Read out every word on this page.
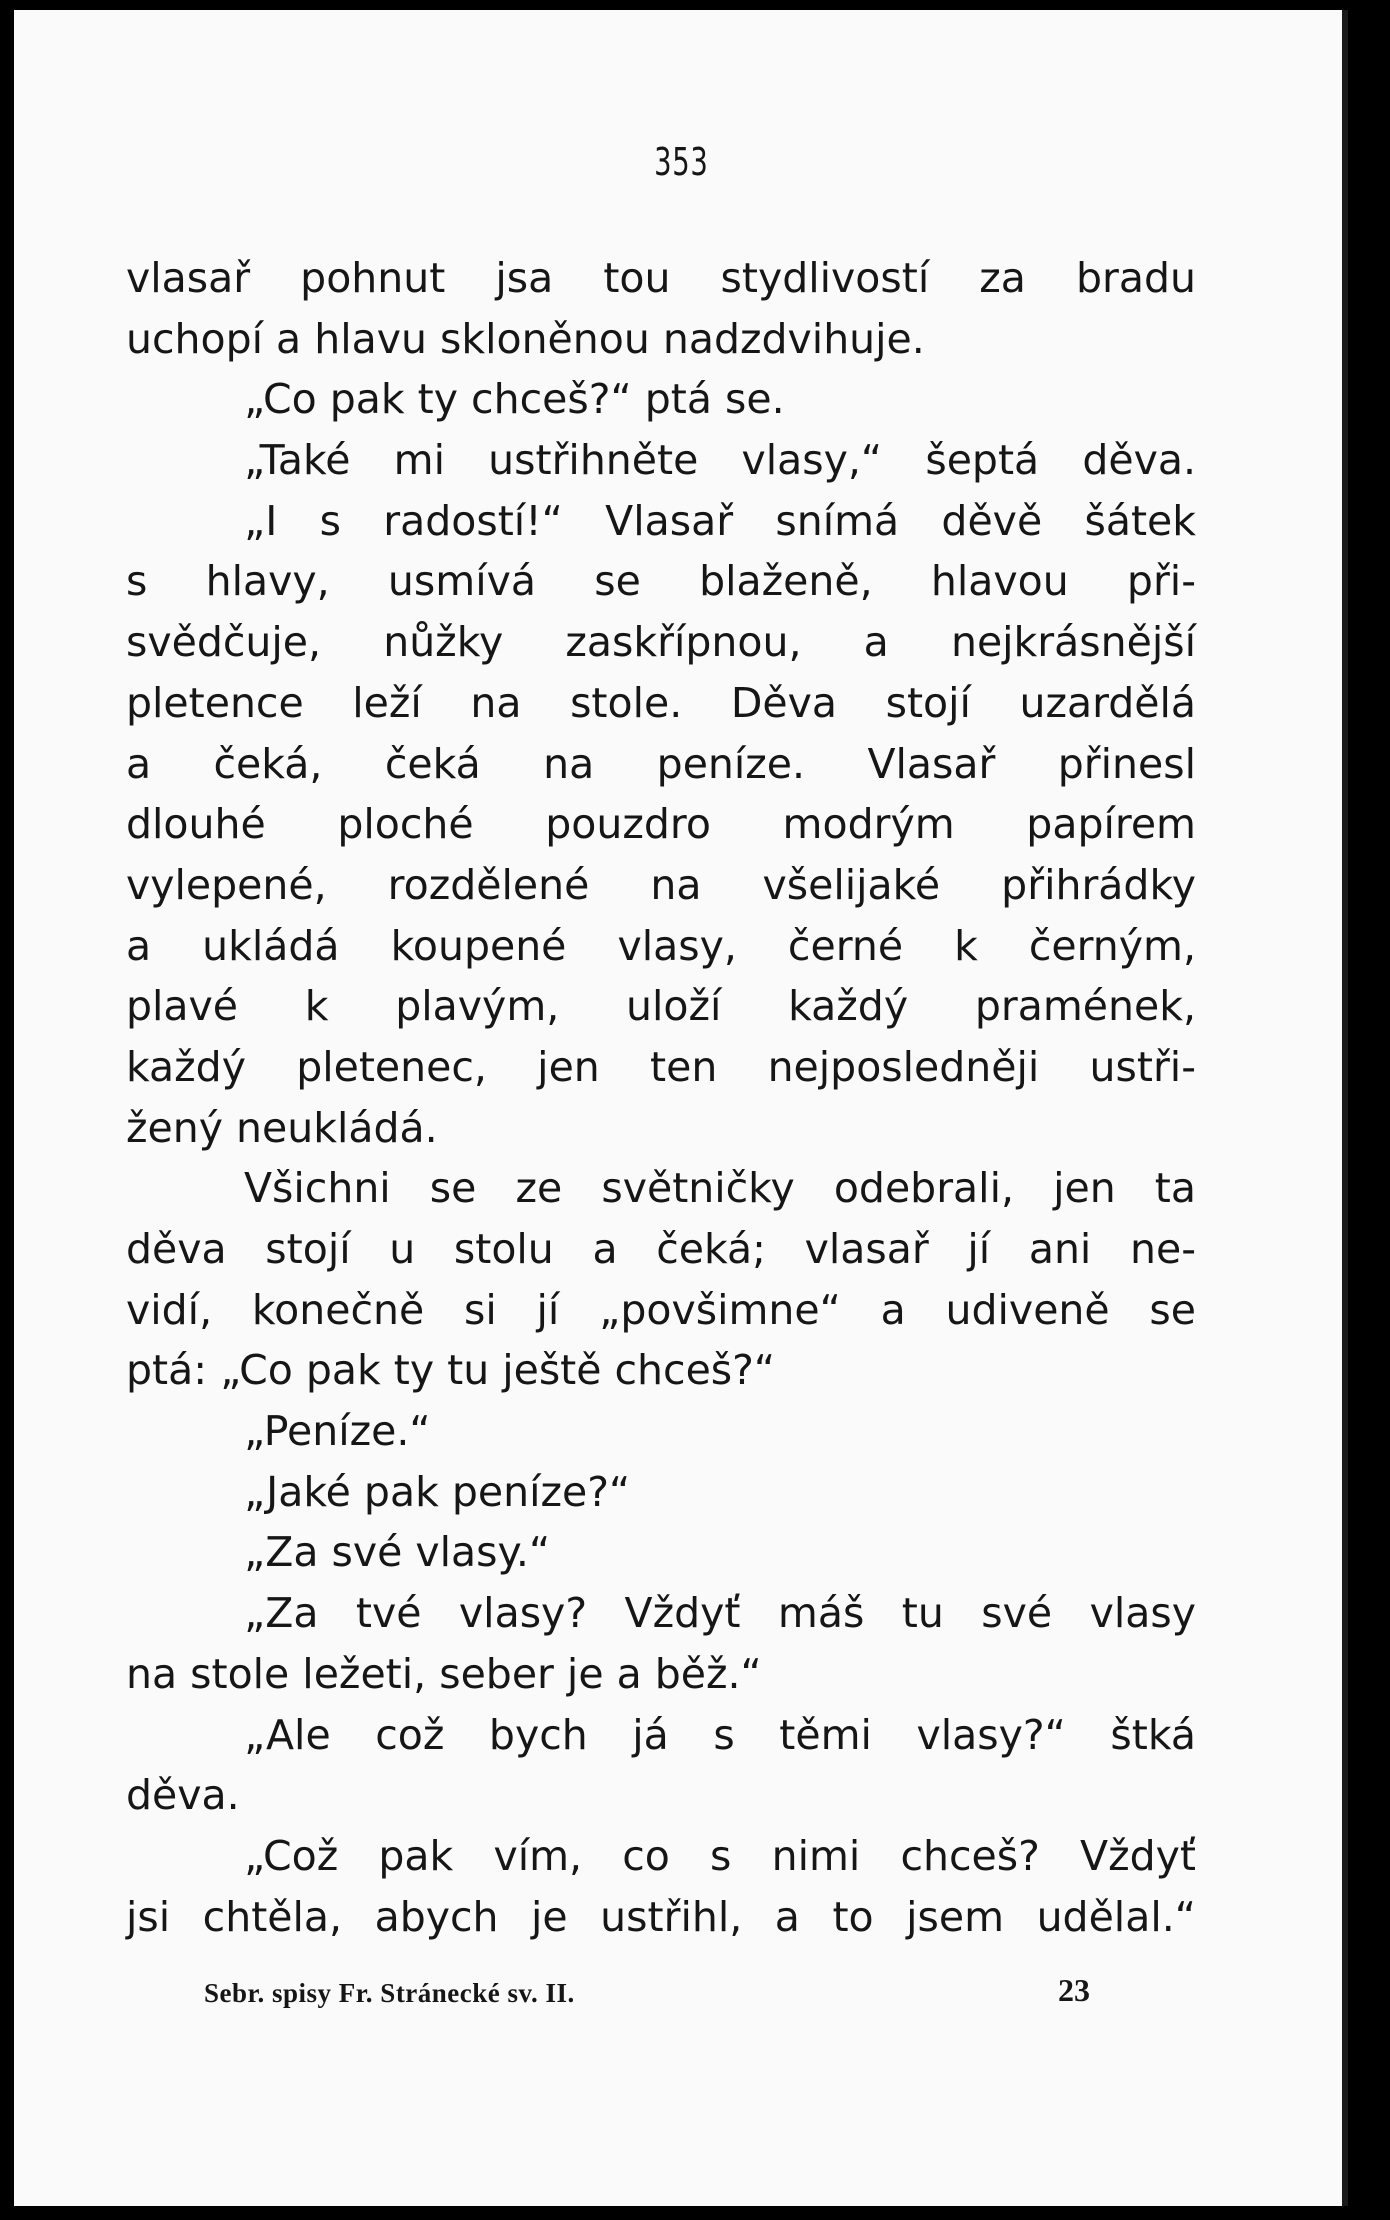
353
vlasař pohnut jsa tou stydlivostí za bradu
uchopí a hlavu skloněnou nadzdvihuje.
„Co pak ty chceš?“ ptá se.
„Také mi ustřihněte vlasy,“ šeptá děva.
„I s radostí!“ Vlasař snímá děvě šátek
s hlavy, usmívá se blaženě, hlavou při-
svědčuje, nůžky zaskřípnou, a nejkrásnější
pletence leží na stole. Děva stojí uzardělá
a čeká, čeká na peníze. Vlasař přinesl
dlouhé ploché pouzdro modrým papírem
vylepené, rozdělené na všelijaké přihrádky
a ukládá koupené vlasy, černé k černým,
plavé k plavým, uloží každý pramének,
každý pletenec, jen ten nejposledněji ustři-
žený neukládá.
Všichni se ze světničky odebrali, jen ta
děva stojí u stolu a čeká; vlasař jí ani ne-
vidí, konečně si jí „povšimne“ a udiveně se
ptá: „Co pak ty tu ještě chceš?“
„Peníze.“
„Jaké pak peníze?“
„Za své vlasy.“
„Za tvé vlasy? Vždyť máš tu své vlasy
na stole ležeti, seber je a běž.“
„Ale což bych já s těmi vlasy?“ štká
děva.
„Což pak vím, co s nimi chceš? Vždyť
jsi chtěla, abych je ustřihl, a to jsem udělal.“
Sebr. spisy Fr. Stránecké sv. II.	23
